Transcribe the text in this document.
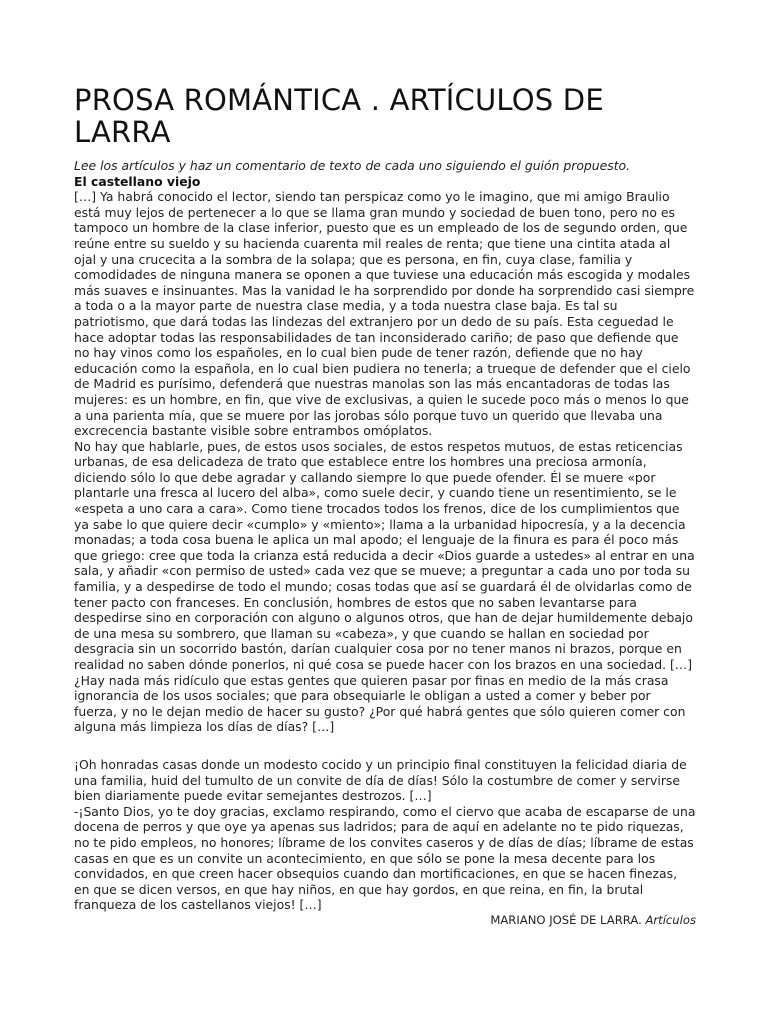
PROSA ROMÁNTICA . ARTÍCULOS DE LARRA

Lee los artículos y haz un comentario de texto de cada uno siguiendo el guión propuesto.

El castellano viejo

[…] Ya habrá conocido el lector, siendo tan perspicaz como yo le imagino, que mi amigo Braulio está muy lejos de pertenecer a lo que se llama gran mundo y sociedad de buen tono, pero no es tampoco un hombre de la clase inferior, puesto que es un empleado de los de segundo orden, que reúne entre su sueldo y su hacienda cuarenta mil reales de renta; que tiene una cintita atada al ojal y una crucecita a la sombra de la solapa; que es persona, en fin, cuya clase, familia y comodidades de ninguna manera se oponen a que tuviese una educación más escogida y modales más suaves e insinuantes. Mas la vanidad le ha sorprendido por donde ha sorprendido casi siempre a toda o a la mayor parte de nuestra clase media, y a toda nuestra clase baja. Es tal su patriotismo, que dará todas las lindezas del extranjero por un dedo de su país. Esta ceguedad le hace adoptar todas las responsabilidades de tan inconsiderado cariño; de paso que defiende que no hay vinos como los españoles, en lo cual bien pude de tener razón, defiende que no hay educación como la española, en lo cual bien pudiera no tenerla; a trueque de defender que el cielo de Madrid es purísimo, defenderá que nuestras manolas son las más encantadoras de todas las mujeres: es un hombre, en fin, que vive de exclusivas, a quien le sucede poco más o menos lo que a una parienta mía, que se muere por las jorobas sólo porque tuvo un querido que llevaba una excrecencia bastante visible sobre entrambos omóplatos.

No hay que hablarle, pues, de estos usos sociales, de estos respetos mutuos, de estas reticencias urbanas, de esa delicadeza de trato que establece entre los hombres una preciosa armonía, diciendo sólo lo que debe agradar y callando siempre lo que puede ofender. Él se muere «por plantarle una fresca al lucero del alba», como suele decir, y cuando tiene un resentimiento, se le «espeta a uno cara a cara». Como tiene trocados todos los frenos, dice de los cumplimientos que ya sabe lo que quiere decir «cumplo» y «miento»; llama a la urbanidad hipocresía, y a la decencia monadas; a toda cosa buena le aplica un mal apodo; el lenguaje de la finura es para él poco más que griego: cree que toda la crianza está reducida a decir «Dios guarde a ustedes» al entrar en una sala, y añadir «con permiso de usted» cada vez que se mueve; a preguntar a cada uno por toda su familia, y a despedirse de todo el mundo; cosas todas que así se guardará él de olvidarlas como de tener pacto con franceses. En conclusión, hombres de estos que no saben levantarse para despedirse sino en corporación con alguno o algunos otros, que han de dejar humildemente debajo de una mesa su sombrero, que llaman su «cabeza», y que cuando se hallan en sociedad por desgracia sin un socorrido bastón, darían cualquier cosa por no tener manos ni brazos, porque en realidad no saben dónde ponerlos, ni qué cosa se puede hacer con los brazos en una sociedad. […]

¿Hay nada más ridículo que estas gentes que quieren pasar por finas en medio de la más crasa ignorancia de los usos sociales; que para obsequiarle le obligan a usted a comer y beber por fuerza, y no le dejan medio de hacer su gusto? ¿Por qué habrá gentes que sólo quieren comer con alguna más limpieza los días de días? […]

¡Oh honradas casas donde un modesto cocido y un principio final constituyen la felicidad diaria de una familia, huid del tumulto de un convite de día de días! Sólo la costumbre de comer y servirse bien diariamente puede evitar semejantes destrozos. […]

-¡Santo Dios, yo te doy gracias, exclamo respirando, como el ciervo que acaba de escaparse de una docena de perros y que oye ya apenas sus ladridos; para de aquí en adelante no te pido riquezas, no te pido empleos, no honores; líbrame de los convites caseros y de días de días; líbrame de estas casas en que es un convite un acontecimiento, en que sólo se pone la mesa decente para los convidados, en que creen hacer obsequios cuando dan mortificaciones, en que se hacen finezas, en que se dicen versos, en que hay niños, en que hay gordos, en que reina, en fin, la brutal franqueza de los castellanos viejos! […]

MARIANO JOSÉ DE LARRA. Artículos
